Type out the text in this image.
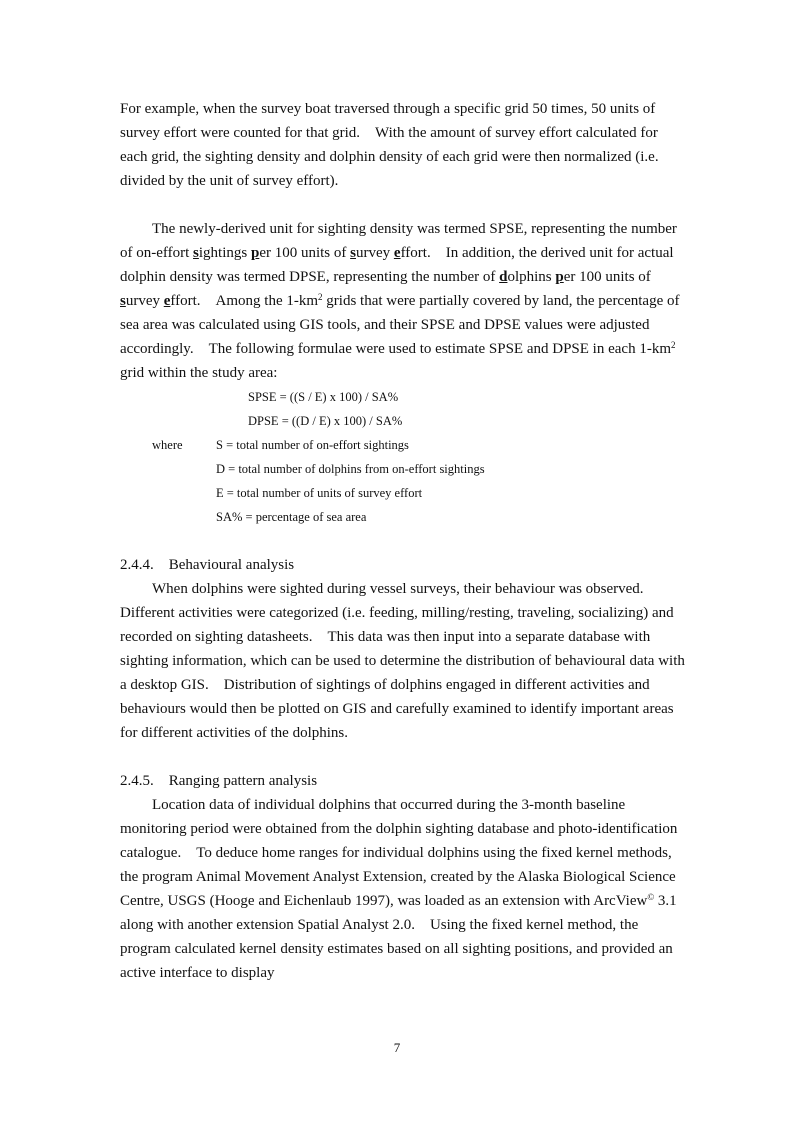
For example, when the survey boat traversed through a specific grid 50 times, 50 units of survey effort were counted for that grid. With the amount of survey effort calculated for each grid, the sighting density and dolphin density of each grid were then normalized (i.e. divided by the unit of survey effort).

The newly-derived unit for sighting density was termed SPSE, representing the number of on-effort sightings per 100 units of survey effort. In addition, the derived unit for actual dolphin density was termed DPSE, representing the number of dolphins per 100 units of survey effort. Among the $1-km^2$ grids that were partially covered by land, the percentage of sea area was calculated using GIS tools, and their SPSE and DPSE values were adjusted accordingly. The following formulae were used to estimate SPSE and DPSE in each $1-km^2$ grid within the study area:

SPSE = ((S / E) x 100) / SA%
DPSE = ((D / E) x 100) / SA%
where	S = total number of on-effort sightings
D = total number of dolphins from on-effort sightings
E = total number of units of survey effort
SA% = percentage of sea area

2.4.4. Behavioural analysis

When dolphins were sighted during vessel surveys, their behaviour was observed. Different activities were categorized (i.e. feeding, milling/resting, traveling, socializing) and recorded on sighting datasheets. This data was then input into a separate database with sighting information, which can be used to determine the distribution of behavioural data with a desktop GIS. Distribution of sightings of dolphins engaged in different activities and behaviours would then be plotted on GIS and carefully examined to identify important areas for different activities of the dolphins.

2.4.5. Ranging pattern analysis

Location data of individual dolphins that occurred during the 3-month baseline monitoring period were obtained from the dolphin sighting database and photo-identification catalogue. To deduce home ranges for individual dolphins using the fixed kernel methods, the program Animal Movement Analyst Extension, created by the Alaska Biological Science Centre, USGS (Hooge and Eichenlaub 1997), was loaded as an extension with ArcView© 3.1 along with another extension Spatial Analyst 2.0. Using the fixed kernel method, the program calculated kernel density estimates based on all sighting positions, and provided an active interface to display

7
